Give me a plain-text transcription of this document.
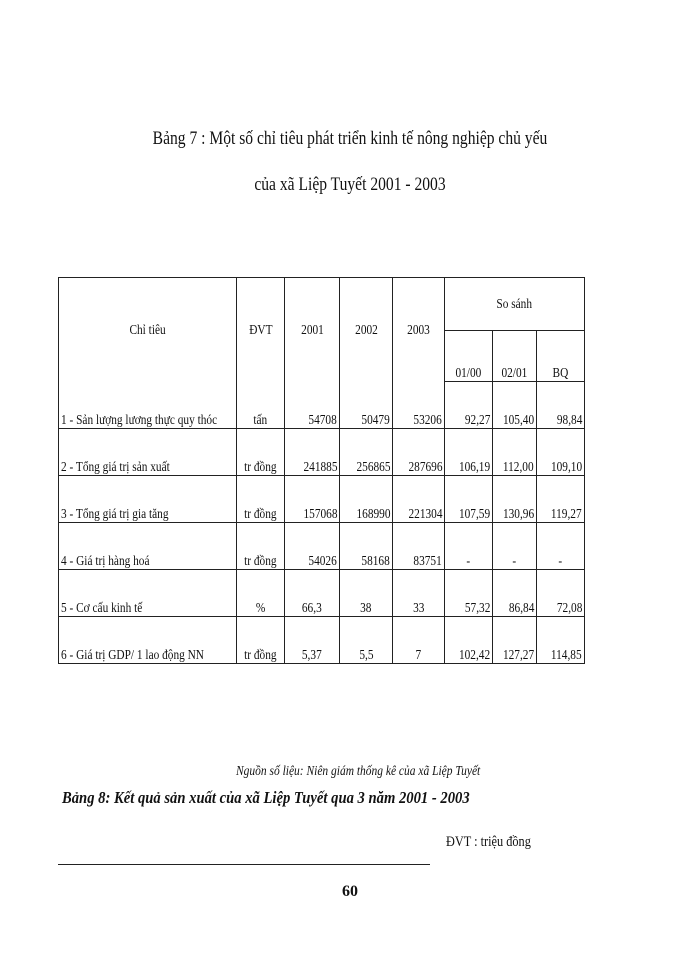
Bảng 7 : Một số chỉ tiêu phát triển kinh tế nông nghiệp chủ yếu
của xã Liệp Tuyết 2001 - 2003
Chỉ tiêu	ĐVT	2001	2002	2003	So sánh		
					01/00	02/01	BQ
1 - Sản lượng lương thực quy thóc	tấn	54708	50479	53206	92,27	105,40	98,84
2 - Tổng giá trị sản xuất	tr đồng	241885	256865	287696	106,19	112,00	109,10
3 - Tổng giá trị gia tăng	tr đồng	157068	168990	221304	107,59	130,96	119,27
4 - Giá trị hàng hoá	tr đồng	54026	58168	83751	-	-	-
5 - Cơ cấu kinh tế	%	66,3	38	33	57,32	86,84	72,08
6 - Giá trị GDP/ 1 lao động NN	tr đồng	5,37	5,5	7	102,42	127,27	114,85
Nguồn số liệu: Niên giám thống kê của xã Liệp Tuyết
Bảng 8: Kết quả sản xuất của xã Liệp Tuyết qua 3 năm 2001 - 2003
ĐVT : triệu đồng
60
